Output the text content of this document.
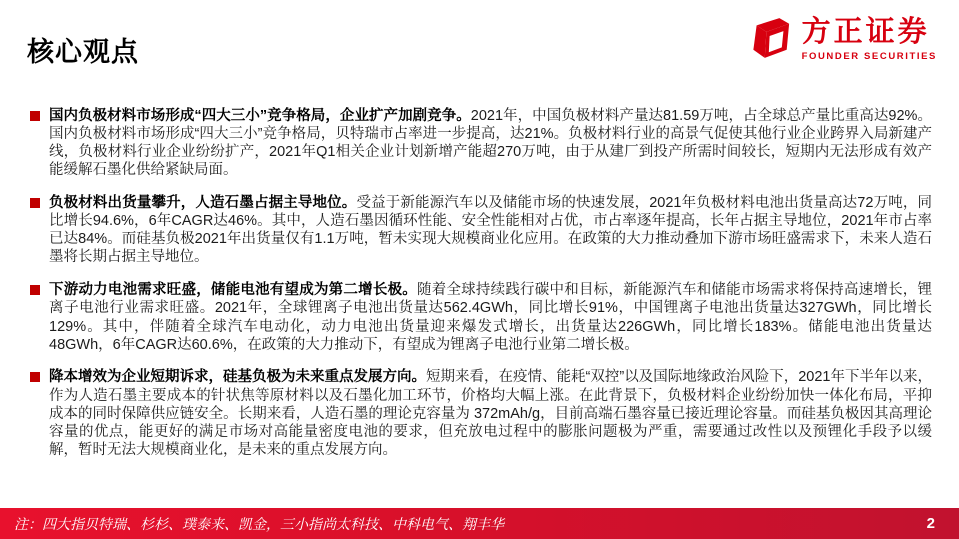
核心观点
方正证券
FOUNDER SECURITIES

国内负极材料市场形成“四大三小”竞争格局，企业扩产加剧竞争。2021年，中国负极材料产量达81.59万吨，占全球总产量比重高达92%。国内负极材料市场形成“四大三小”竞争格局，贝特瑞市占率进一步提高，达21%。负极材料行业的高景气促使其他行业企业跨界入局新建产线，负极材料行业企业纷纷扩产，2021年Q1相关企业计划新增产能超270万吨，由于从建厂到投产所需时间较长，短期内无法形成有效产能缓解石墨化供给紧缺局面。

负极材料出货量攀升，人造石墨占据主导地位。受益于新能源汽车以及储能市场的快速发展，2021年负极材料电池出货量高达72万吨，同比增长94.6%，6年CAGR达46%。其中，人造石墨因循环性能、安全性能相对占优，市占率逐年提高，长年占据主导地位，2021年市占率已达84%。而硅基负极2021年出货量仅有1.1万吨，暂未实现大规模商业化应用。在政策的大力推动叠加下游市场旺盛需求下，未来人造石墨将长期占据主导地位。

下游动力电池需求旺盛，储能电池有望成为第二增长极。随着全球持续践行碳中和目标，新能源汽车和储能市场需求将保持高速增长，锂离子电池行业需求旺盛。2021年，全球锂离子电池出货量达562.4GWh，同比增长91%，中国锂离子电池出货量达327GWh，同比增长129%。其中，伴随着全球汽车电动化，动力电池出货量迎来爆发式增长，出货量达226GWh，同比增长183%。储能电池出货量达48GWh，6年CAGR达60.6%，在政策的大力推动下，有望成为锂离子电池行业第二增长极。

降本增效为企业短期诉求，硅基负极为未来重点发展方向。短期来看，在疫情、能耗“双控”以及国际地缘政治风险下，2021年下半年以来，作为人造石墨主要成本的针状焦等原材料以及石墨化加工环节，价格均大幅上涨。在此背景下，负极材料企业纷纷加快一体化布局，平抑成本的同时保障供应链安全。长期来看，人造石墨的理论克容量为 372mAh/g，目前高端石墨容量已接近理论容量。而硅基负极因其高理论容量的优点，能更好的满足市场对高能量密度电池的要求，但充放电过程中的膨胀问题极为严重，需要通过改性以及预锂化手段予以缓解，暂时无法大规模商业化，是未来的重点发展方向。

注：四大指贝特瑞、杉杉、璞泰来、凯金，三小指尚太科技、中科电气、翔丰华	2
